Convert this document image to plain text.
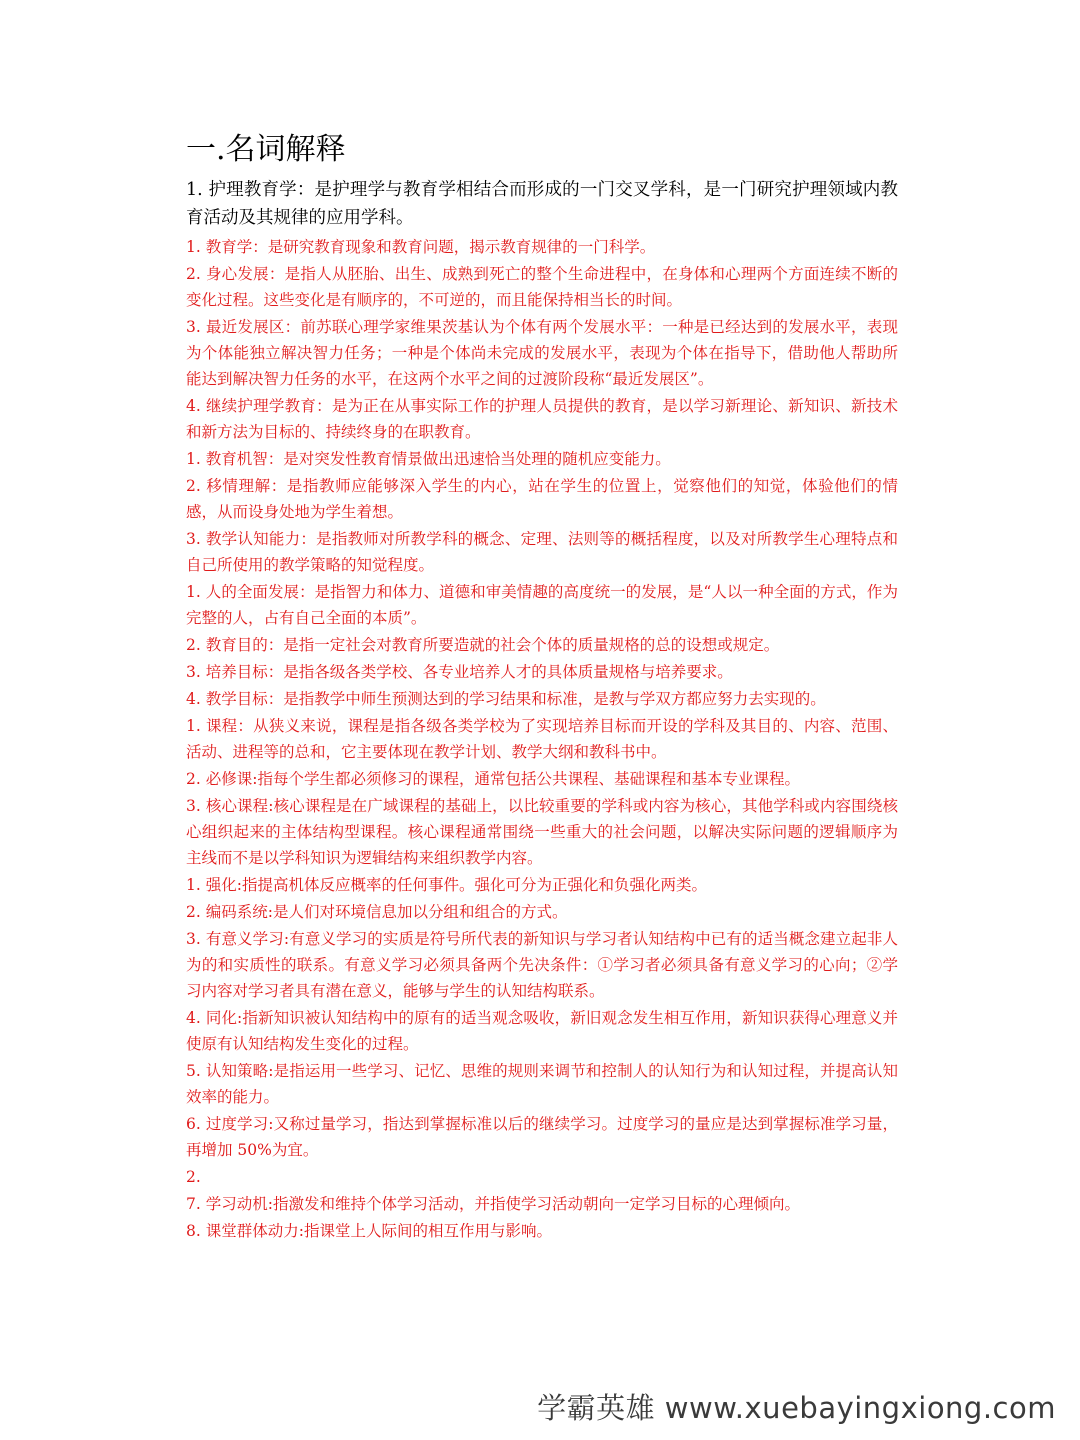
一.名词解释

1. 护理教育学：是护理学与教育学相结合而形成的一门交叉学科，是一门研究护理领域内教育活动及其规律的应用学科。

1. 教育学：是研究教育现象和教育问题，揭示教育规律的一门科学。

2. 身心发展：是指人从胚胎、出生、成熟到死亡的整个生命进程中，在身体和心理两个方面连续不断的变化过程。这些变化是有顺序的，不可逆的，而且能保持相当长的时间。

3. 最近发展区：前苏联心理学家维果茨基认为个体有两个发展水平：一种是已经达到的发展水平，表现为个体能独立解决智力任务；一种是个体尚未完成的发展水平，表现为个体在指导下，借助他人帮助所能达到解决智力任务的水平，在这两个水平之间的过渡阶段称“最近发展区”。

4. 继续护理学教育：是为正在从事实际工作的护理人员提供的教育，是以学习新理论、新知识、新技术和新方法为目标的、持续终身的在职教育。

1. 教育机智：是对突发性教育情景做出迅速恰当处理的随机应变能力。

2. 移情理解：是指教师应能够深入学生的内心，站在学生的位置上，觉察他们的知觉，体验他们的情感，从而设身处地为学生着想。

3. 教学认知能力：是指教师对所教学科的概念、定理、法则等的概括程度，以及对所教学生心理特点和自己所使用的教学策略的知觉程度。

1. 人的全面发展：是指智力和体力、道德和审美情趣的高度统一的发展，是“人以一种全面的方式，作为完整的人，占有自己全面的本质”。

2. 教育目的：是指一定社会对教育所要造就的社会个体的质量规格的总的设想或规定。

3. 培养目标：是指各级各类学校、各专业培养人才的具体质量规格与培养要求。

4. 教学目标：是指教学中师生预测达到的学习结果和标准，是教与学双方都应努力去实现的。

1. 课程：从狭义来说，课程是指各级各类学校为了实现培养目标而开设的学科及其目的、内容、范围、活动、进程等的总和，它主要体现在教学计划、教学大纲和教科书中。

2. 必修课:指每个学生都必须修习的课程，通常包括公共课程、基础课程和基本专业课程。

3. 核心课程:核心课程是在广域课程的基础上，以比较重要的学科或内容为核心，其他学科或内容围绕核心组织起来的主体结构型课程。核心课程通常围绕一些重大的社会问题，以解决实际问题的逻辑顺序为主线而不是以学科知识为逻辑结构来组织教学内容。

1. 强化:指提高机体反应概率的任何事件。强化可分为正强化和负强化两类。

2. 编码系统:是人们对环境信息加以分组和组合的方式。

3. 有意义学习:有意义学习的实质是符号所代表的新知识与学习者认知结构中已有的适当概念建立起非人为的和实质性的联系。有意义学习必须具备两个先决条件：①学习者必须具备有意义学习的心向；②学习内容对学习者具有潜在意义，能够与学生的认知结构联系。

4. 同化:指新知识被认知结构中的原有的适当观念吸收，新旧观念发生相互作用，新知识获得心理意义并使原有认知结构发生变化的过程。

5. 认知策略:是指运用一些学习、记忆、思维的规则来调节和控制人的认知行为和认知过程，并提高认知效率的能力。

6. 过度学习:又称过量学习，指达到掌握标准以后的继续学习。过度学习的量应是达到掌握标准学习量，再增加 50%为宜。

2.

7. 学习动机:指激发和维持个体学习活动，并指使学习活动朝向一定学习目标的心理倾向。

8. 课堂群体动力:指课堂上人际间的相互作用与影响。

学霸英雄 www.xuebayingxiong.com
